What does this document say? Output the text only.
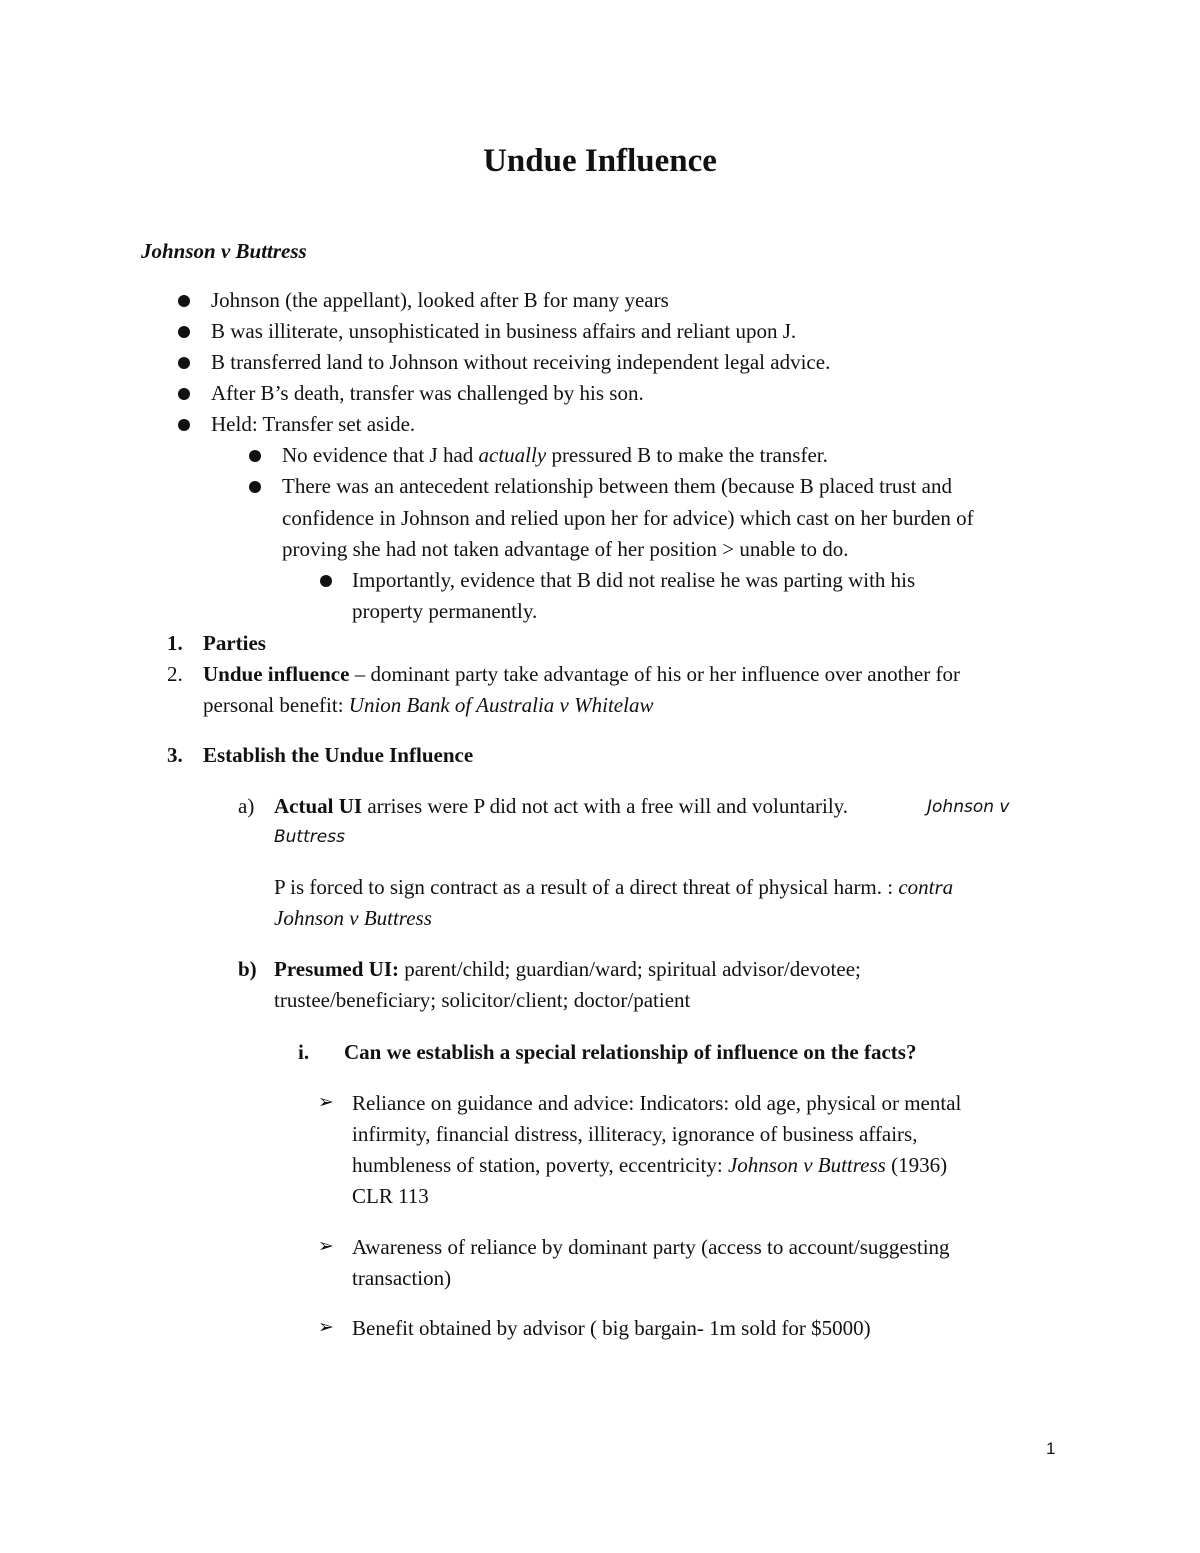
Undue Influence
Johnson v Buttress
Johnson (the appellant), looked after B for many years
B was illiterate, unsophisticated in business affairs and reliant upon J.
B transferred land to Johnson without receiving independent legal advice.
After B’s death, transfer was challenged by his son.
Held: Transfer set aside.
No evidence that J had actually pressured B to make the transfer.
There was an antecedent relationship between them (because B placed trust and
confidence in Johnson and relied upon her for advice) which cast on her burden of
proving she had not taken advantage of her position > unable to do.
Importantly, evidence that B did not realise he was parting with his
property permanently.
1. Parties
2. Undue influence – dominant party take advantage of his or her influence over another for
personal benefit: Union Bank of Australia v Whitelaw
3. Establish the Undue Influence
a) Actual UI arrises were P did not act with a free will and voluntarily.	Johnson v
Buttress
P is forced to sign contract as a result of a direct threat of physical harm. : contra
Johnson v Buttress
b) Presumed UI: parent/child; guardian/ward; spiritual advisor/devotee;
trustee/beneficiary; solicitor/client; doctor/patient
i. Can we establish a special relationship of influence on the facts?
➢ Reliance on guidance and advice: Indicators: old age, physical or mental
infirmity, financial distress, illiteracy, ignorance of business affairs,
humbleness of station, poverty, eccentricity: Johnson v Buttress (1936)
CLR 113
➢ Awareness of reliance by dominant party (access to account/suggesting
transaction)
➢ Benefit obtained by advisor ( big bargain- 1m sold for $5000)
1
